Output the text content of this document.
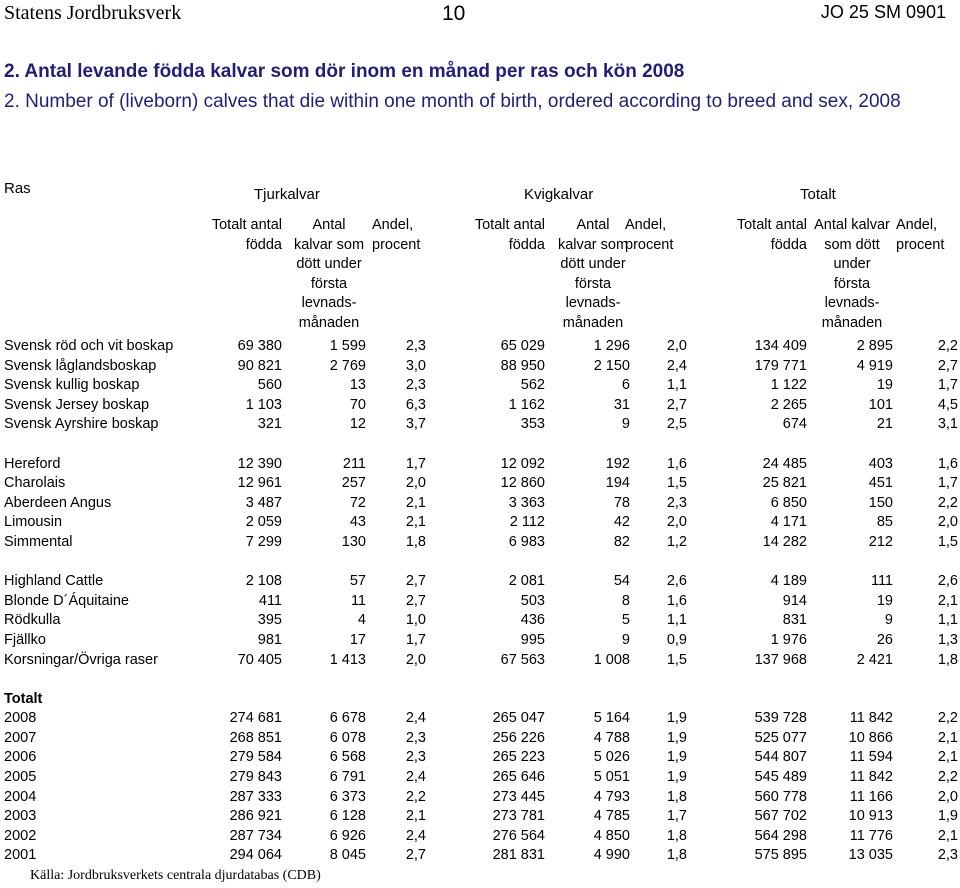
Statens Jordbruksverk	10	JO 25 SM 0901
2. Antal levande födda kalvar som dör inom en månad per ras och kön 2008
2. Number of (liveborn) calves that die within one month of birth, ordered according to breed and sex, 2008
Ras	Tjurkalvar	Kvigkalvar	Totalt
Totalt antal
födda
Antal
kalvar som
dött under
första
levnads-
månaden
Andel,
procent
Totalt antal
födda
Antal
kalvar som
dött under
första
levnads-
månaden
Andel,
procent
Totalt antal
födda
Antal kalvar
som dött
under
första
levnads-
månaden
Andel,
procent
Svensk röd och vit boskap	69 380	1 599	2,3	65 029	1 296	2,0	134 409	2 895	2,2
Svensk låglandsboskap	90 821	2 769	3,0	88 950	2 150	2,4	179 771	4 919	2,7
Svensk kullig boskap	560	13	2,3	562	6	1,1	1 122	19	1,7
Svensk Jersey boskap	1 103	70	6,3	1 162	31	2,7	2 265	101	4,5
Svensk Ayrshire boskap	321	12	3,7	353	9	2,5	674	21	3,1
Hereford	12 390	211	1,7	12 092	192	1,6	24 485	403	1,6
Charolais	12 961	257	2,0	12 860	194	1,5	25 821	451	1,7
Aberdeen Angus	3 487	72	2,1	3 363	78	2,3	6 850	150	2,2
Limousin	2 059	43	2,1	2 112	42	2,0	4 171	85	2,0
Simmental	7 299	130	1,8	6 983	82	1,2	14 282	212	1,5
Highland Cattle	2 108	57	2,7	2 081	54	2,6	4 189	111	2,6
Blonde D´Áquitaine	411	11	2,7	503	8	1,6	914	19	2,1
Rödkulla	395	4	1,0	436	5	1,1	831	9	1,1
Fjällko	981	17	1,7	995	9	0,9	1 976	26	1,3
Korsningar/Övriga raser	70 405	1 413	2,0	67 563	1 008	1,5	137 968	2 421	1,8
Totalt
2008	274 681	6 678	2,4	265 047	5 164	1,9	539 728	11 842	2,2
2007	268 851	6 078	2,3	256 226	4 788	1,9	525 077	10 866	2,1
2006	279 584	6 568	2,3	265 223	5 026	1,9	544 807	11 594	2,1
2005	279 843	6 791	2,4	265 646	5 051	1,9	545 489	11 842	2,2
2004	287 333	6 373	2,2	273 445	4 793	1,8	560 778	11 166	2,0
2003	286 921	6 128	2,1	273 781	4 785	1,7	567 702	10 913	1,9
2002	287 734	6 926	2,4	276 564	4 850	1,8	564 298	11 776	2,1
2001	294 064	8 045	2,7	281 831	4 990	1,8	575 895	13 035	2,3
Källa: Jordbruksverkets centrala djurdatabas (CDB)
